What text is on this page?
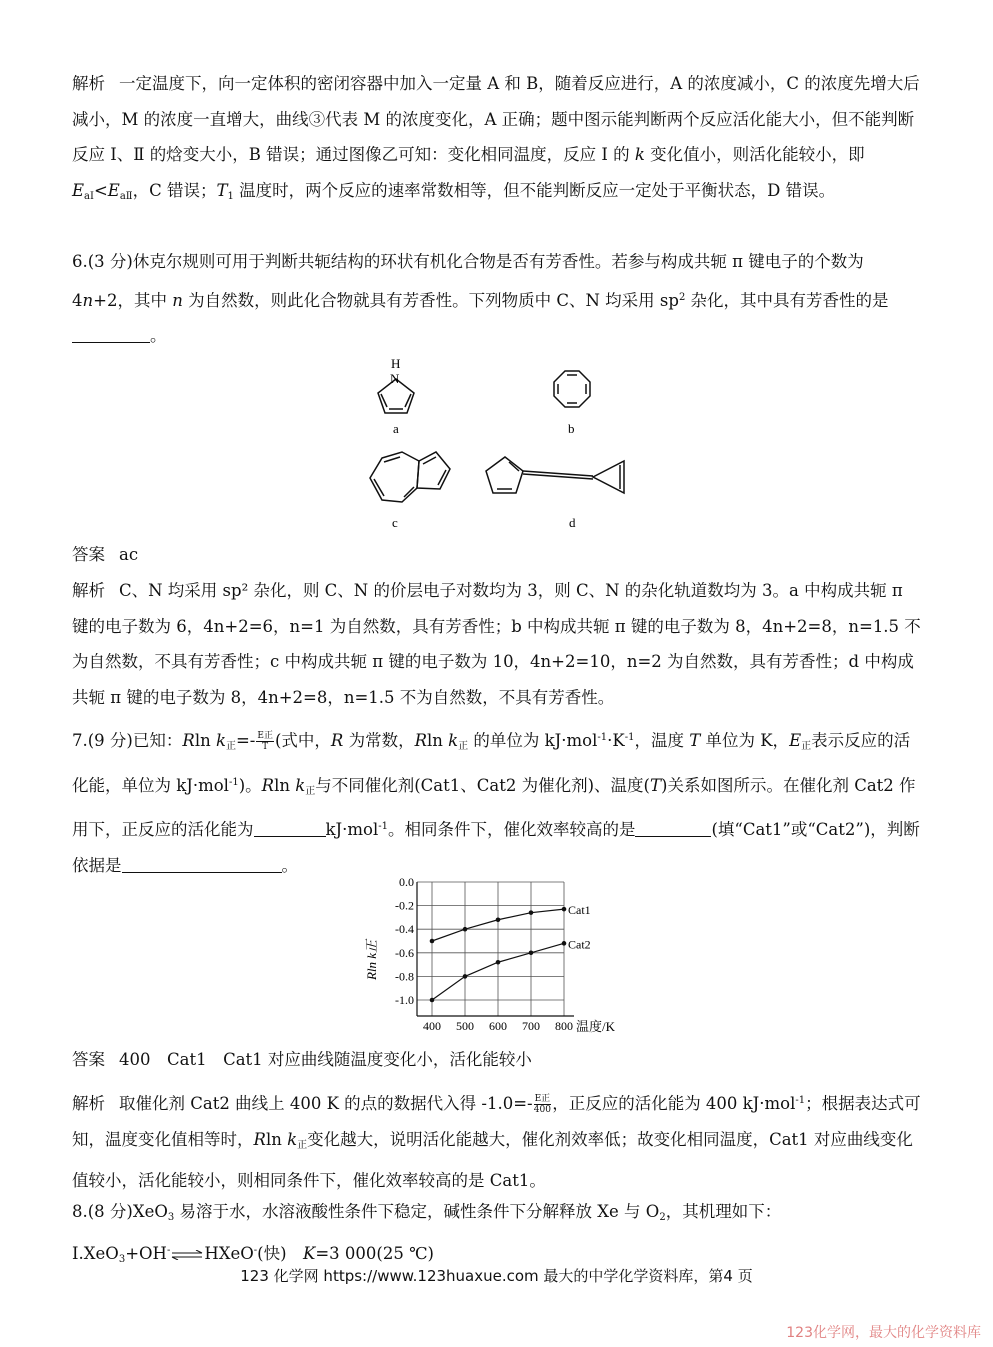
解析 一定温度下，向一定体积的密闭容器中加入一定量 A 和 B，随着反应进行，A 的浓度减小，C 的浓度先增大后减小，M 的浓度一直增大，曲线③代表 M 的浓度变化，A 正确；题中图示能判断两个反应活化能大小，但不能判断反应 Ⅰ、Ⅱ 的焓变大小，B 错误；通过图像乙可知：变化相同温度，反应 Ⅰ 的 k 变化值小，则活化能较小，即 $E_{aⅠ}<E_{aⅡ}$，C 错误；$T_1$ 温度时，两个反应的速率常数相等，但不能判断反应一定处于平衡状态，D 错误。

6.(3 分)休克尔规则可用于判断共轭结构的环状有机化合物是否有芳香性。若参与构成共轭 π 键电子的个数为 4n+2，其中 n 为自然数，则此化合物就具有芳香性。下列物质中 C、N 均采用 $sp^2$ 杂化，其中具有芳香性的是。

H
N
a	b
c	d

答案 ac

解析 C、N 均采用 sp² 杂化，则 C、N 的价层电子对数均为 3，则 C、N 的杂化轨道数均为 3。a 中构成共轭 π 键的电子数为 6，4n+2=6，n=1 为自然数，具有芳香性；b 中构成共轭 π 键的电子数为 8，4n+2=8，n=1.5 不为自然数，不具有芳香性；c 中构成共轭 π 键的电子数为 10，4n+2=10，n=2 为自然数，具有芳香性；d 中构成共轭 π 键的电子数为 8，4n+2=8，n=1.5 不为自然数，不具有芳香性。

7.(9 分)已知：Rln $k_正=- \frac{\text{E正}}{T}$ (式中，R 为常数，Rln $k_正$ 的单位为 $kJ\cdot mol^{-1}\cdot K^{-1}$，温度 T 单位为 K，$E_正$表示反应的活化能，单位为 kJ·mol$^{-1}$)。Rln $k_正$与不同催化剂(Cat1、Cat2 为催化剂)、温度(T)关系如图所示。在催化剂 Cat2 作用下，正反应的活化能为	kJ·mol$^{-1}$。相同条件下，催化效率较高的是	(填“Cat1”或“Cat2”)，判断依据是	。

0.0
-0.2
-0.4
-0.6
-0.8
-1.0
400 500 600 700 800
Cat1
Cat2
Rln k正
温度/K

答案 400　Cat1　Cat1 对应曲线随温度变化小，活化能较小

解析 取催化剂 Cat2 曲线上 400 K 的点的数据代入得 $-1.0=- \frac{\text{E正}}{400}$ ，正反应的活化能为 400 kJ·mol$^{-1}$；根据表达式可知，温度变化值相等时，Rln $k_正$变化越大，说明活化能越大，催化剂效率低；故变化相同温度，Cat1 对应曲线变化值较小，活化能较小，则相同条件下，催化效率较高的是 Cat1。

8.(8 分)XeO$_3$ 易溶于水，水溶液酸性条件下稳定，碱性条件下分解释放 Xe 与 $O_2$，其机理如下：

Ⅰ.XeO$_3$+OH-⇌HXeO-(快)　 K=3 000(25 ℃)

123 化学网 https://www.123huaxue.com 最大的中学化学资料库，第4 页
123化学网，最大的化学资料库
